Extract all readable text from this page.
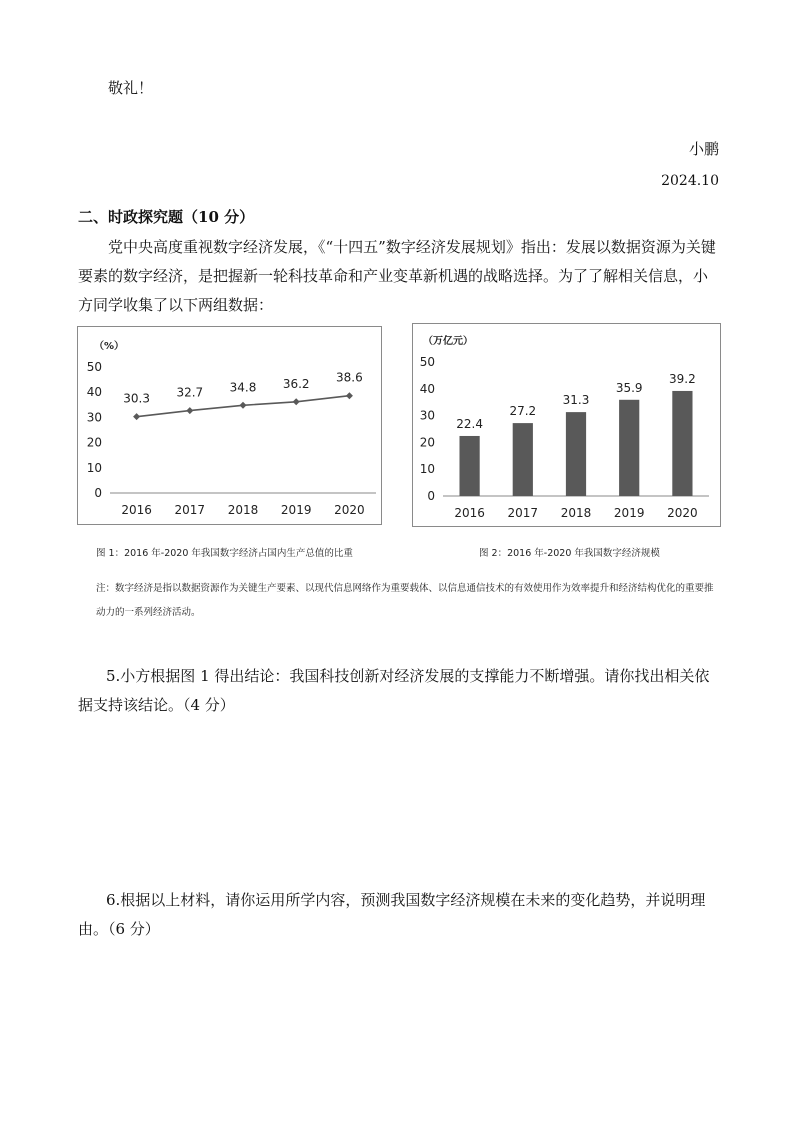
敬礼！
小鹏
2024.10
二、时政探究题（10 分）

党中央高度重视数字经济发展，《“十四五”数字经济发展规划》指出：发展以数据资源为关键要素的数字经济，是把握新一轮科技革命和产业变革新机遇的战略选择。为了了解相关信息，小方同学收集了以下两组数据：

（%）
0
10
20
30
40
50
2016 2017 2018 2019 2020
30.3 32.7 34.8 36.2 38.6
（万亿元）
0
10
20
30
40
50
2016 2017 2018 2019 2020
22.4
27.2
31.3
35.9
39.2
图 1：2016 年-2020 年我国数字经济占国内生产总值的比重	图 2：2016 年-2020 年我国数字经济规模
注：数字经济是指以数据资源作为关键生产要素、以现代信息网络作为重要载体、以信息通信技术的有效使用作为效率提升和经济结构优化的重要推动力的一系列经济活动。

5.小方根据图 1 得出结论：我国科技创新对经济发展的支撑能力不断增强。请你找出相关依据支持该结论。（4 分）

6.根据以上材料，请你运用所学内容，预测我国数字经济规模在未来的变化趋势，并说明理由。（6 分）
